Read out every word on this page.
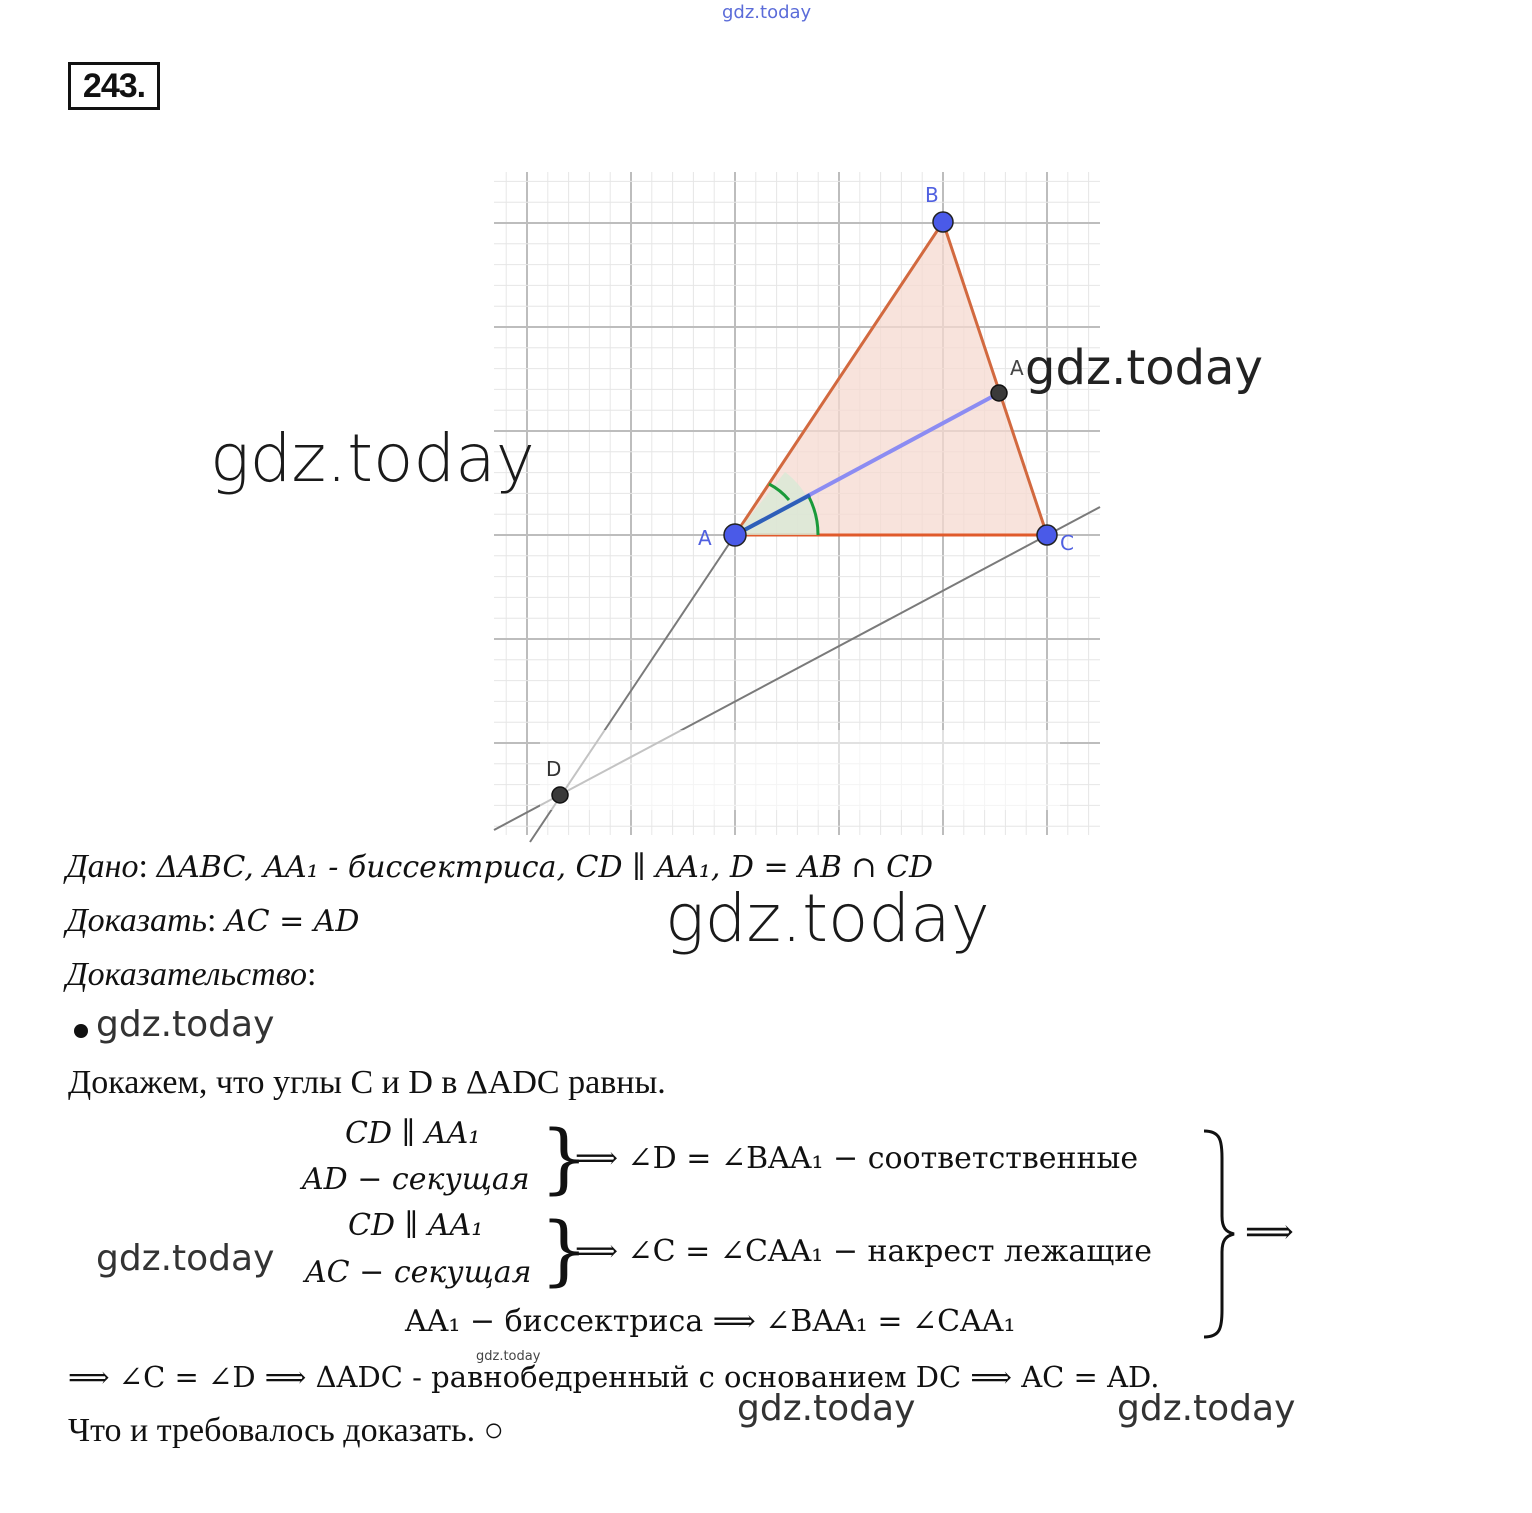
gdz.today
243.
B
A	C
A
D
gdz.today
gdz.today
Дано: ΔABC, AA₁ - биссектриса, CD ∥ AA₁, D = AB ∩ CD
gdz.today
Доказать: AC = AD
Доказательство:
gdz.today
Докажем, что углы C и D в ΔADC равны.
CD ∥ AA₁
AD − секущая }
⟹ ∠D = ∠BAA₁ − соответственные
gdz.today
CD ∥ AA₁
AC − секущая }
⟹ ∠C = ∠CAA₁ − накрест лежащие
AA₁ − биссектриса ⟹ ∠BAA₁ = ∠CAA₁
⟹
gdz.today
⟹ ∠C = ∠D ⟹ ΔADC - равнобедренный с основанием DC ⟹ AC = AD.
gdz.today	gdz.today
Что и требовалось доказать. ○
